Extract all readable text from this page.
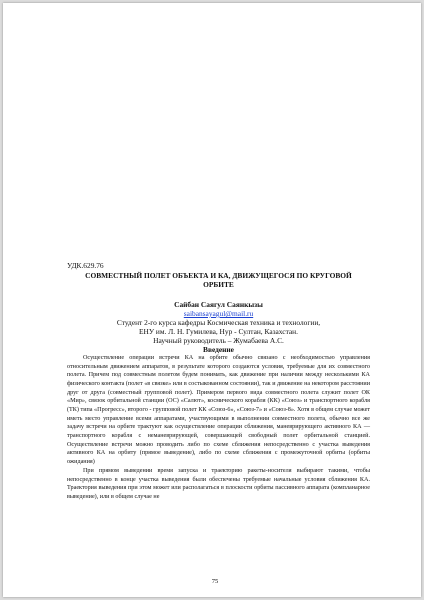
УДК.629.76
СОВМЕСТНЫЙ ПОЛЕТ ОБЪЕКТА И КА, ДВИЖУЩЕГОСЯ ПО КРУГОВОЙ
ОРБИТЕ
Сайбан Саягул Саянкызы
saibansayagul@mail.ru
Студент 2-го курса кафедры Космическая техника и технологии,
ЕНУ им. Л. Н. Гумилева, Нур - Султан, Казахстан.
Научный руководитель – Жумабаева А.С.
Введение

Осуществление операции встречи КА на орбите обычно связано с необходимостью управления относительным движением аппаратов, в результате которого создаются условия, требуемые для их совместного полета. Причем под совместным полетом будем понимать, как движение при наличии между несколькими КА физического контакта (полет «в связке» или в состыкованном состоянии), так и движение на некотором расстоянии друг от друга (совместный групповой полет). Примером первого вида совместного полета служит полет ОК «Мир», связок орбитальной станции (ОС) «Салют», космического корабля (КК) «Союз» и транспортного корабля (ТК) типа «Прогресс», второго - групповой полет КК «Союз-6», «Союз-7» и «Союз-8». Хотя в общем случае может иметь место управление всеми аппаратами, участвующими в выполнении совместного полета, обычно все же задачу встречи на орбите трактуют как осуществление операции сближения, маневрирующего активного КА — транспортного корабля с неманеврирующей, совершающей свободный полет орбитальной станцией. Осуществление встречи можно проводить либо по схеме сближения непосредственно с участка выведения активного КА на орбиту (прямое выведение), либо по схеме сближения с промежуточной орбиты (орбиты ожидания)

При прямом выведении время запуска и траекторию ракеты-носителя выбирают такими, чтобы непосредственно в конце участка выведения были обеспечены требуемые начальные условия сближения КА. Траектория выведения при этом может или располагаться в плоскости орбиты пассивного аппарата (компланарное выведение), или в общем случае не

75
